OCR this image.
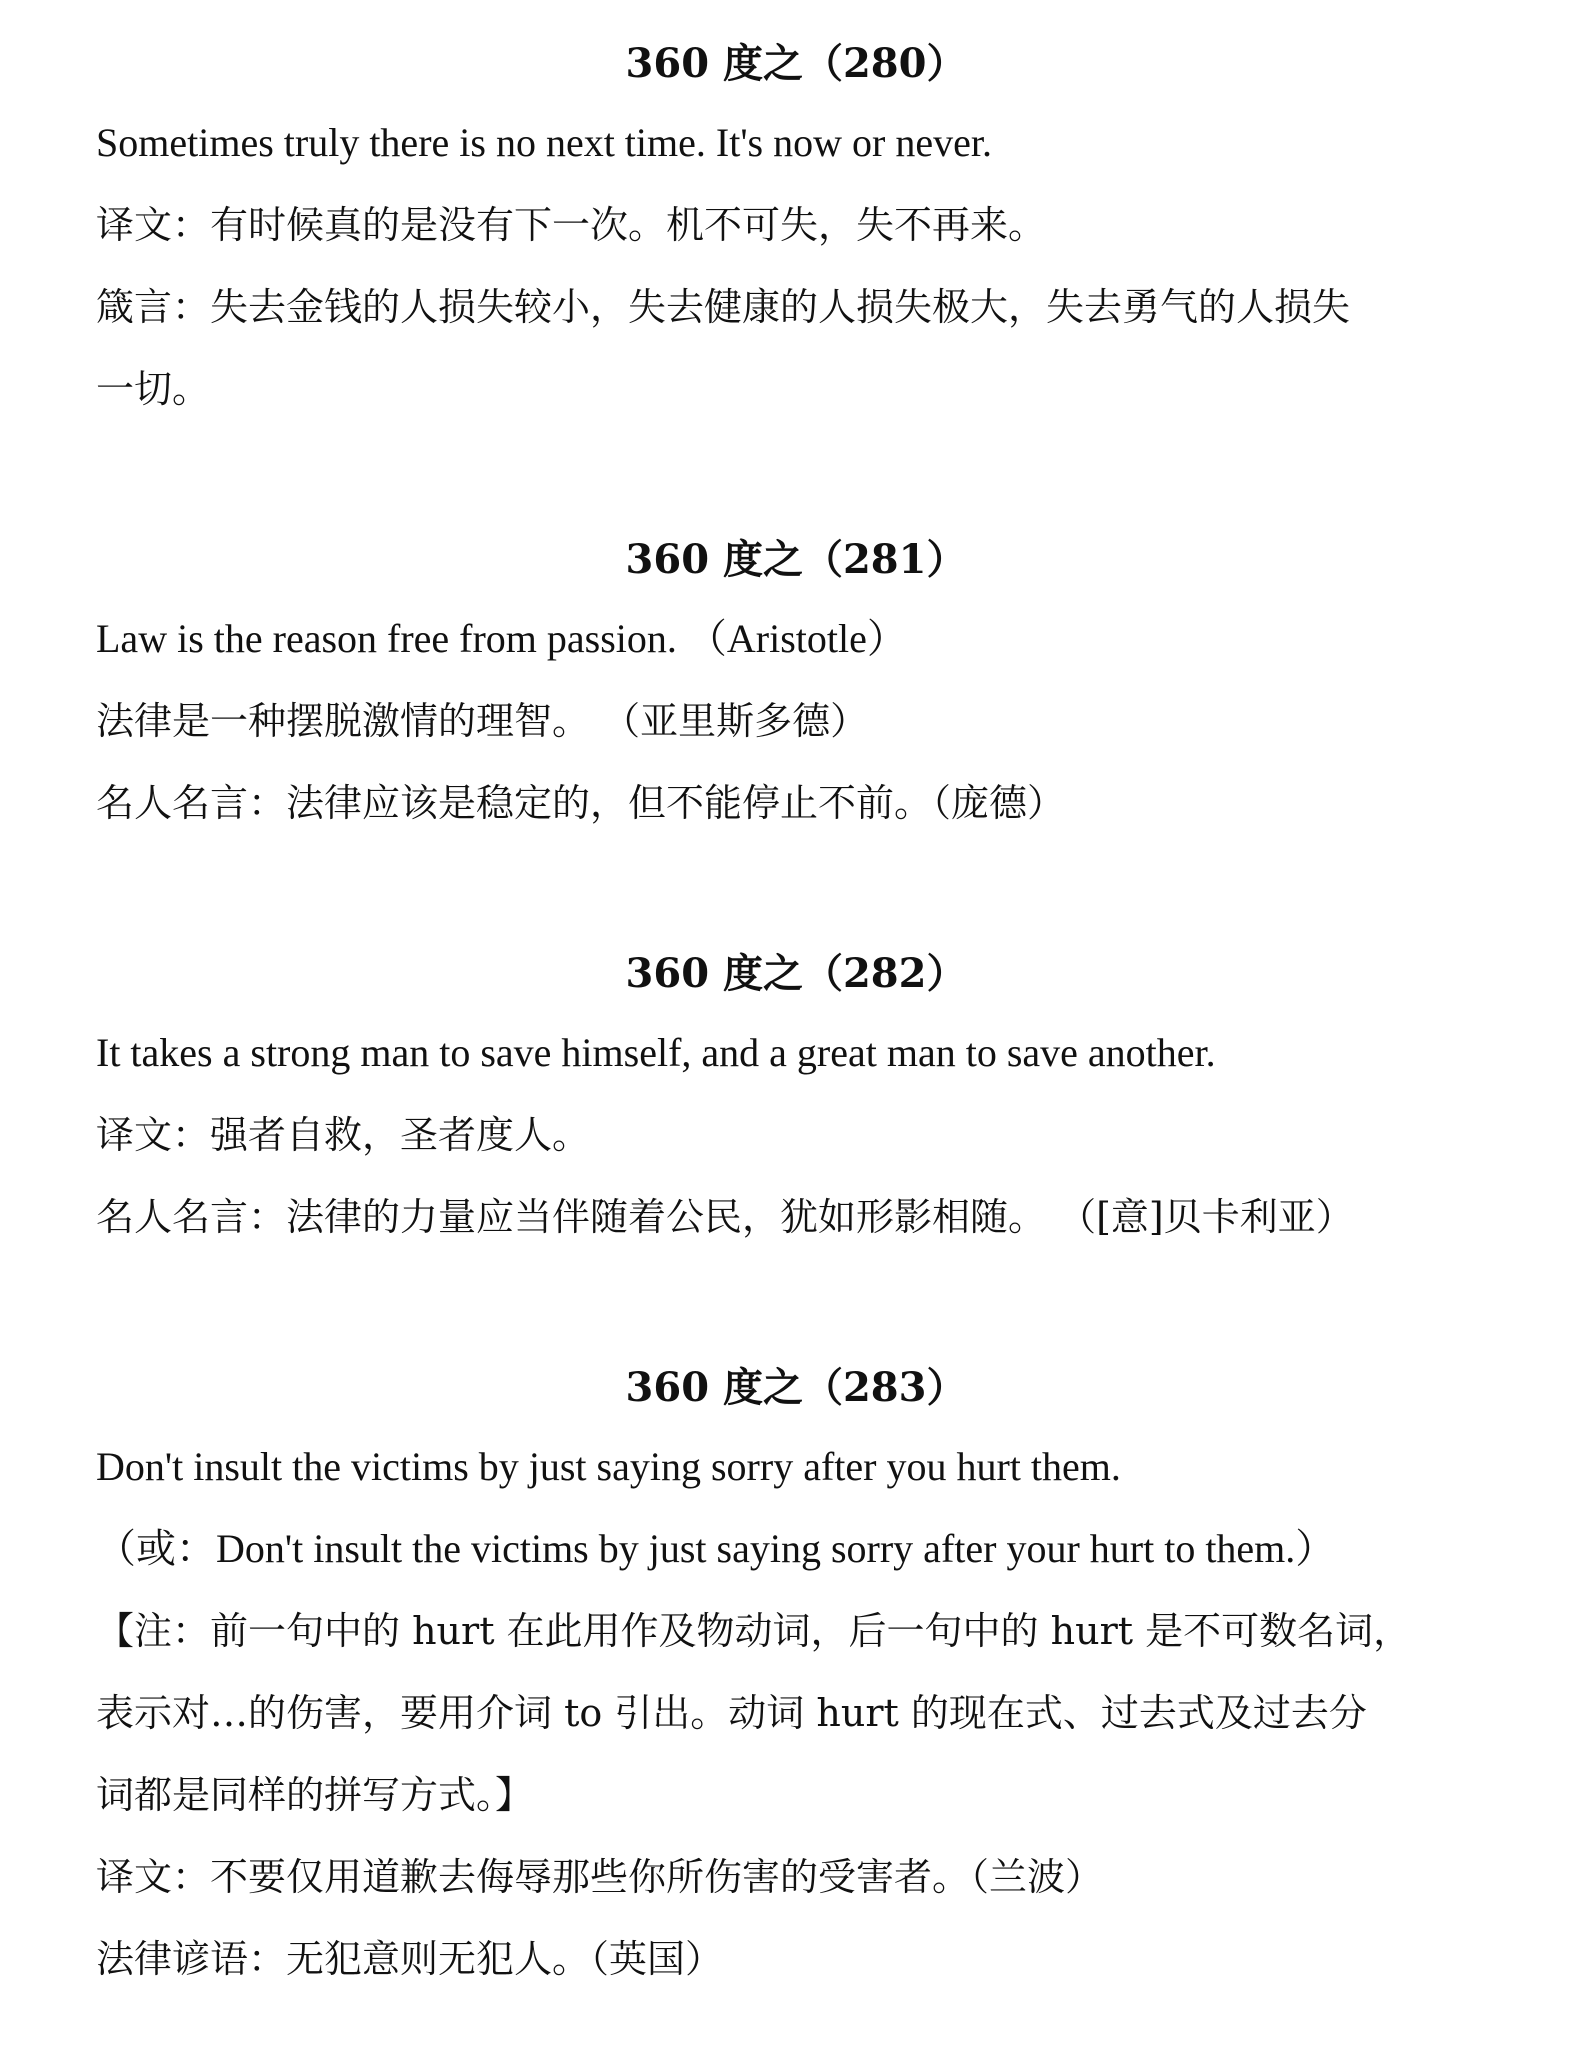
360 度之（280）
Sometimes truly there is no next time. It's now or never.
译文：有时候真的是没有下一次。机不可失，失不再来。
箴言：失去金钱的人损失较小，失去健康的人损失极大，失去勇气的人损失
一切。
360 度之（281）
Law is the reason free from passion. （Aristotle）
法律是一种摆脱激情的理智。 （亚里斯多德）
名人名言：法律应该是稳定的，但不能停止不前。（庞德）
360 度之（282）
It takes a strong man to save himself, and a great man to save another.
译文：强者自救，圣者度人。
名人名言：法律的力量应当伴随着公民，犹如形影相随。 （[意]贝卡利亚）
360 度之（283）
Don't insult the victims by just saying sorry after you hurt them.
（或：Don't insult the victims by just saying sorry after your hurt to them.）
【注：前一句中的 hurt 在此用作及物动词，后一句中的 hurt 是不可数名词，
表示对…的伤害，要用介词 to 引出。动词 hurt 的现在式、过去式及过去分
词都是同样的拼写方式。】
译文：不要仅用道歉去侮辱那些你所伤害的受害者。（兰波）
法律谚语：无犯意则无犯人。（英国）
